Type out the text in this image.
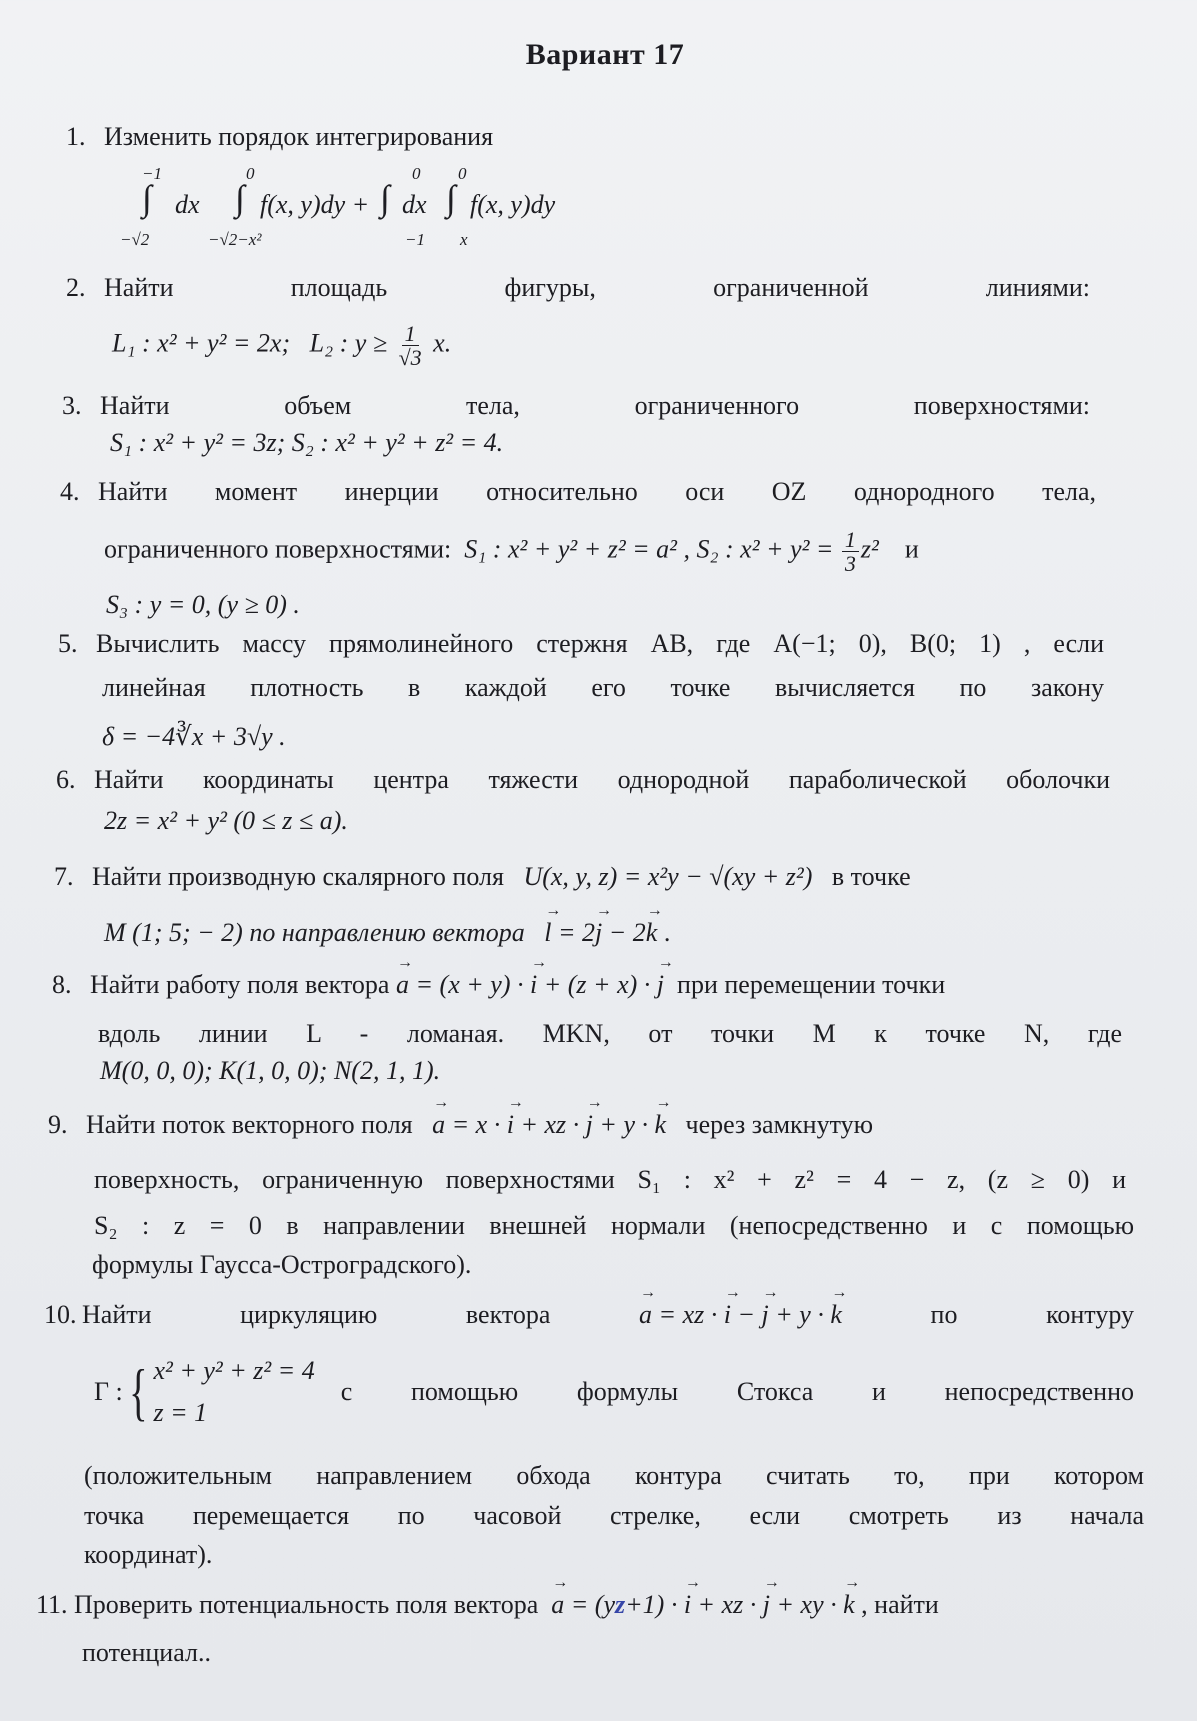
Вариант 17
1. Изменить порядок интегрирования
∫
−1
−√2
dx ∫
0
−√2−x²
f(x, y)dy + ∫
0
−1
dx ∫
0
x
f(x, y)dy
2. Найти	площадь	фигуры,	ограниченной	линиями:
L₁ : x² + y² = 2x; L₂ : $y \ge \frac{1}{√3} x$.
3. Найти	объем	тела,	ограниченного	поверхностями:
S₁ : x² + y² = 3z; S₂ : x² + y² + z² = 4.
4. Найти момент инерции относительно оси OZ однородного тела,
ограниченного поверхностями: S₁ : x² + y² + z² = a² , S₂ : $x^2 + y^2 = \frac{1}{3} z^2$ и
S₃ : y = 0, (y ≥ 0) .
5. Вычислить массу прямолинейного стержня AB, где A(−1; 0), B(0; 1) , если
линейная плотность в каждой его точке вычисляется по закону
δ = −4∛x + 3√y .
6. Найти координаты центра тяжести однородной параболической оболочки
2z = x² + y² (0 ≤ z ≤ a).
7. Найти производную скалярного поля U(x, y, z) = x²y − √(xy + z²) в точке
M (1; 5; − 2) по направлению вектора → l = 2→ j − 2→ k .
8. Найти работу поля вектора → a = (x + y) · → i + (z + x) · → j при перемещении точки
вдоль линии L - ломаная. MKN, от точки M к точке N, где
M(0, 0, 0); K(1, 0, 0); N(2, 1, 1).
9. Найти поток векторного поля → a = x · → i + xz · → j + y · → k через замкнутую
поверхность, ограниченную поверхностями S₁ : x² + z² = 4 − z, (z ≥ 0) и
S₂ : z = 0 в направлении внешней нормали (непосредственно и с помощью
формулы Гаусса-Остроградского).
10. Найти	циркуляцию	вектора	→ a = xz · → i − → j + y · → k	по	контуру
Г : { x² + y² + z² = 4
z = 1
с помощью формулы Стокса и непосредственно
(положительным направлением обхода контура считать то, при котором
точка перемещается по часовой стрелке, если смотреть из начала
координат).
11. Проверить потенциальность поля вектора → a = (yz+1) · → i + xz · → j + xy · → k , найти
потенциал..
